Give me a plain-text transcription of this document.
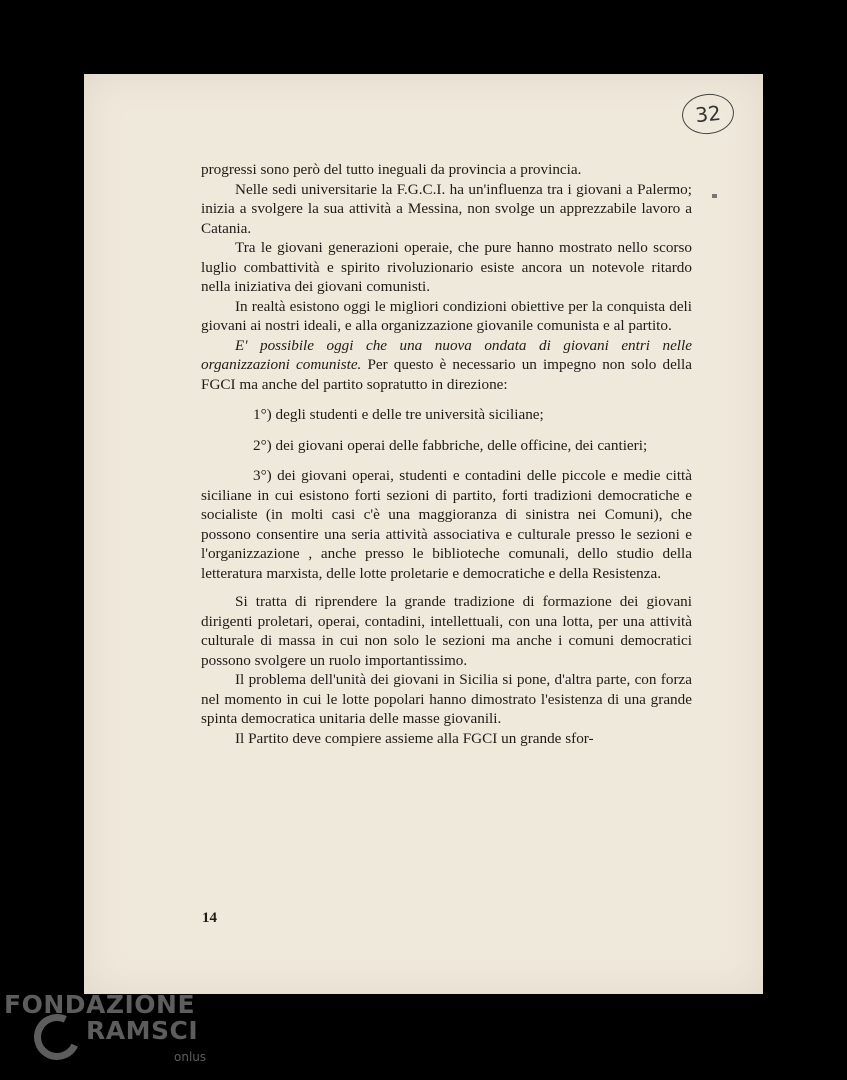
32

progressi sono però del tutto ineguali da provincia a provincia.

Nelle sedi universitarie la F.G.C.I. ha un'influenza tra i giovani a Palermo; inizia a svolgere la sua attività a Messina, non svolge un apprezzabile lavoro a Catania.

Tra le giovani generazioni operaie, che pure hanno mostrato nello scorso luglio combattività e spirito rivoluzionario esiste ancora un notevole ritardo nella iniziativa dei giovani comunisti.

In realtà esistono oggi le migliori condizioni obiettive per la conquista deli giovani ai nostri ideali, e alla organizzazione giovanile comunista e al partito.

E' possibile oggi che una nuova ondata di giovani entri nelle organizzazioni comuniste. Per questo è necessario un impegno non solo della FGCI ma anche del partito sopratutto in direzione:

1°) degli studenti e delle tre università siciliane;

2°) dei giovani operai delle fabbriche, delle officine, dei cantieri;

3°) dei giovani operai, studenti e contadini delle piccole e medie città siciliane in cui esistono forti sezioni di partito, forti tradizioni democratiche e socialiste (in molti casi c'è una maggioranza di sinistra nei Comuni), che possono consentire una seria attività associativa e culturale presso le sezioni e l'organizzazione , anche presso le biblioteche comunali, dello studio della letteratura marxista, delle lotte proletarie e democratiche e della Resistenza.

Si tratta di riprendere la grande tradizione di formazione dei giovani dirigenti proletari, operai, contadini, intellettuali, con una lotta, per una attività culturale di massa in cui non solo le sezioni ma anche i comuni democratici possono svolgere un ruolo importantissimo.

Il problema dell'unità dei giovani in Sicilia si pone, d'altra parte, con forza nel momento in cui le lotte popolari hanno dimostrato l'esistenza di una grande spinta democratica unitaria delle masse giovanili.

Il Partito deve compiere assieme alla FGCI un grande sfor-

14
FONDAZIONE
RAMSCI
onlus
